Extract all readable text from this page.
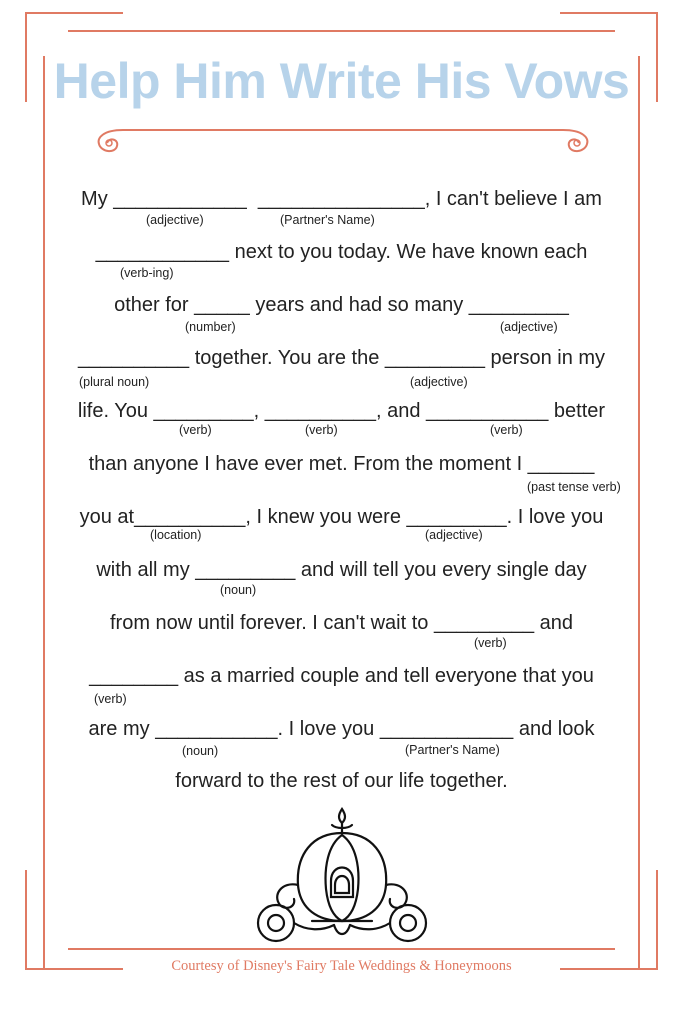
Help Him Write His Vows
My ____________  _______________, I can't believe I am
____________ next to you today. We have known each
other for _____ years and had so many _________
__________ together. You are the _________ person in my
life. You _________, __________, and ___________ better
than anyone I have ever met. From the moment I ______
you at__________, I knew you were _________. I love you
with all my _________ and will tell you every single day
from now until forever. I can't wait to _________ and
________ as a married couple and tell everyone that you
are my ___________. I love you ____________ and look
forward to the rest of our life together.
(adjective)	(Partner's Name)
(verb-ing)
(number)	(adjective)
(plural noun)	(adjective)
(verb)	(verb)	(verb)
(past tense verb)
(location)	(adjective)
(noun)
(verb)
(verb)
(noun)	(Partner's Name)
Courtesy of Disney's Fairy Tale Weddings & Honeymoons
